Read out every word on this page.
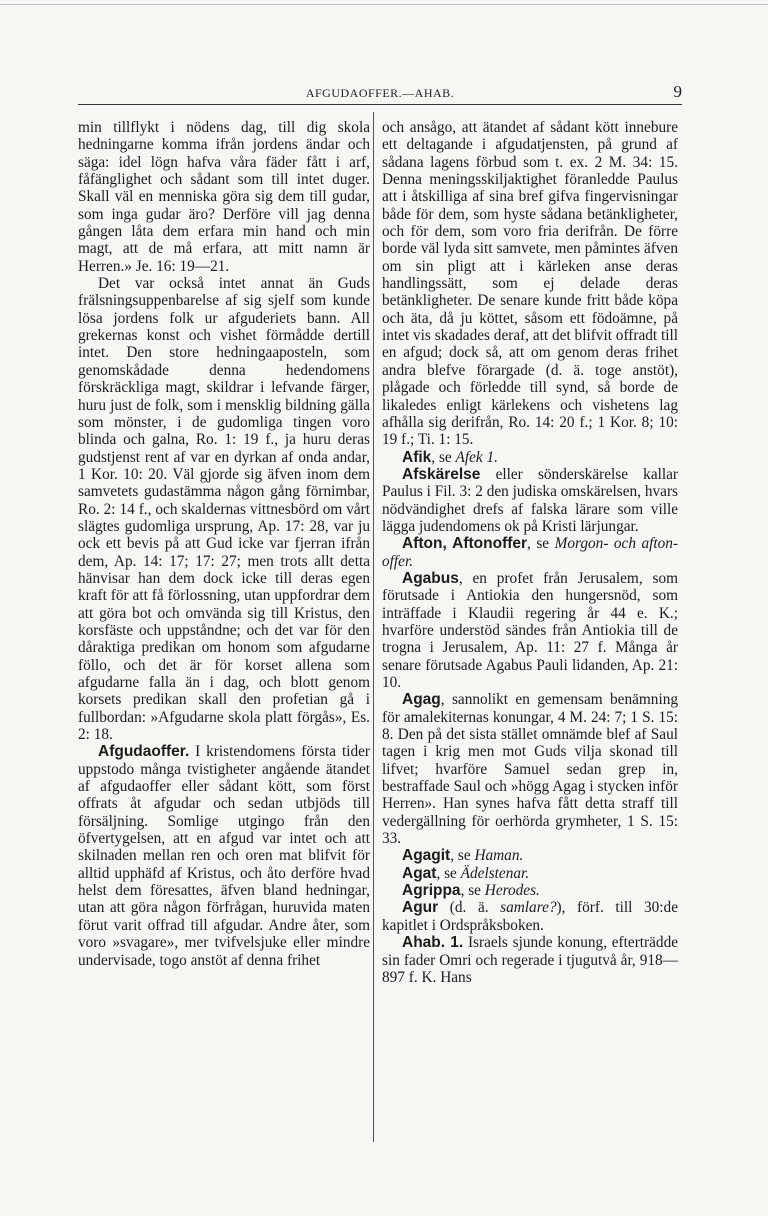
AFGUDAOFFER.—AHAB.	9

min tillflykt i nödens dag, till dig skola hedningarne komma ifrån jordens ändar och säga: idel lögn hafva våra fäder fått i arf, fåfänglighet och sådant som till intet duger. Skall väl en menniska göra sig dem till gudar, som inga gudar äro? Derföre vill jag denna gången låta dem erfara min hand och min magt, att de må erfara, att mitt namn är Herren.» Je. 16: 19—21.

Det var också intet annat än Guds frälsningsuppenbarelse af sig sjelf som kunde lösa jordens folk ur afguderiets bann. All grekernas konst och vishet förmådde dertill intet. Den store hedningaaposteln, som genomskådade denna hedendomens förskräckliga magt, skildrar i lefvande färger, huru just de folk, som i mensklig bildning gälla som mönster, i de gudomliga tingen voro blinda och galna, Ro. 1: 19 f., ja huru deras gudstjenst rent af var en dyrkan af onda andar, 1 Kor. 10: 20. Väl gjorde sig äfven inom dem samvetets gudastämma någon gång förnimbar, Ro. 2: 14 f., och skaldernas vittnesbörd om vårt slägtes gudomliga ursprung, Ap. 17: 28, var ju ock ett bevis på att Gud icke var fjerran ifrån dem, Ap. 14: 17; 17: 27; men trots allt detta hänvisar han dem dock icke till deras egen kraft för att få förlossning, utan uppfordrar dem att göra bot och omvända sig till Kristus, den korsfäste och uppståndne; och det var för den dåraktiga predikan om honom som afgudarne föllo, och det är för korset allena som afgudarne falla än i dag, och blott genom korsets predikan skall den profetian gå i fullbordan: »Afgudarne skola platt förgås», Es. 2: 18.

Afgudaoffer. I kristendomens första tider uppstodo många tvistigheter angående ätandet af afgudaoffer eller sådant kött, som först offrats åt afgudar och sedan utbjöds till försäljning. Somlige utgingo från den öfvertygelsen, att en afgud var intet och att skilnaden mellan ren och oren mat blifvit för alltid upphäfd af Kristus, och åto derföre hvad helst dem föresattes, äfven bland hedningar, utan att göra någon förfrågan, huruvida maten förut varit offrad till afgudar. Andre åter, som voro »svagare», mer tvifvelsjuke eller mindre undervisade, togo anstöt af denna frihet

och ansågo, att ätandet af sådant kött innebure ett deltagande i afgudatjensten, på grund af sådana lagens förbud som t. ex. 2 M. 34: 15. Denna meningsskiljaktighet föranledde Paulus att i åtskilliga af sina bref gifva fingervisningar både för dem, som hyste sådana betänkligheter, och för dem, som voro fria derifrån. De förre borde väl lyda sitt samvete, men påmintes äfven om sin pligt att i kärleken anse deras handlingssätt, som ej delade deras betänkligheter. De senare kunde fritt både köpa och äta, då ju köttet, såsom ett födoämne, på intet vis skadades deraf, att det blifvit offradt till en afgud; dock så, att om genom deras frihet andra blefve förargade (d. ä. toge anstöt), plågade och förledde till synd, så borde de likaledes enligt kärlekens och vishetens lag afhålla sig derifrån, Ro. 14: 20 f.; 1 Kor. 8; 10: 19 f.; Ti. 1: 15.

Afik, se Afek 1.

Afskärelse eller sönderskärelse kallar Paulus i Fil. 3: 2 den judiska omskärelsen, hvars nödvändighet drefs af falska lärare som ville lägga judendomens ok på Kristi lärjungar.

Afton, Aftonoffer, se Morgon- och afton-offer.

Agabus, en profet från Jerusalem, som förutsade i Antiokia den hungersnöd, som inträffade i Klaudii regering år 44 e. K.; hvarföre understöd sändes från Antiokia till de trogna i Jerusalem, Ap. 11: 27 f. Många år senare förutsade Agabus Pauli lidanden, Ap. 21: 10.

Agag, sannolikt en gemensam benämning för amalekiternas konungar, 4 M. 24: 7; 1 S. 15: 8. Den på det sista stället omnämde blef af Saul tagen i krig men mot Guds vilja skonad till lifvet; hvarföre Samuel sedan grep in, bestraffade Saul och »högg Agag i stycken inför Herren». Han synes hafva fått detta straff till vedergällning för oerhörda grymheter, 1 S. 15: 33.

Agagit, se Haman.

Agat, se Ädelstenar.

Agrippa, se Herodes.

Agur (d. ä. samlare?), förf. till 30:de kapitlet i Ordspråksboken.

Ahab. 1. Israels sjunde konung, efterträdde sin fader Omri och regerade i tjugutvå år, 918—897 f. K. Hans
